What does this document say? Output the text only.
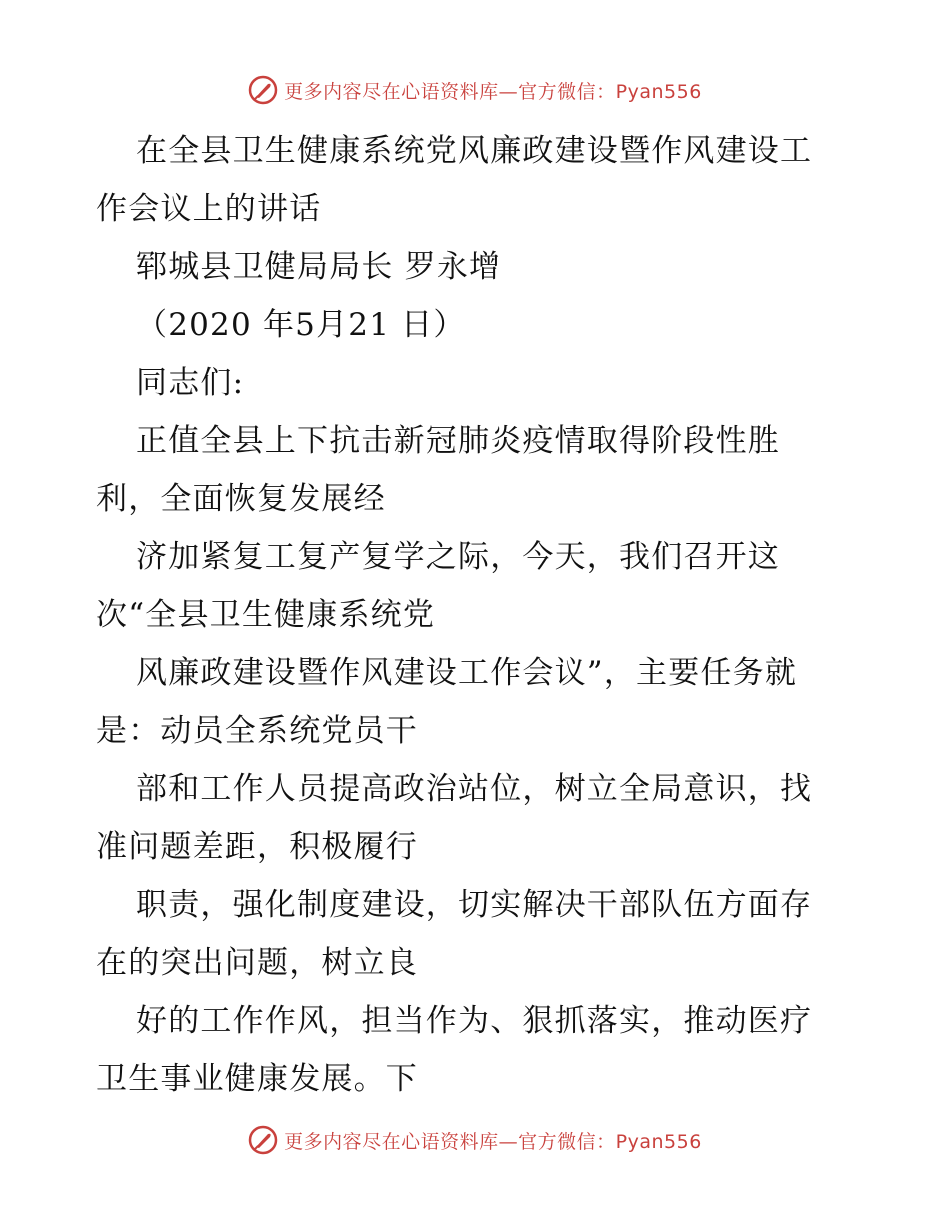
更多内容尽在心语资料库—官方微信：Pyan556
在全县卫生健康系统党风廉政建设暨作风建设工
作会议上的讲话
郓城县卫健局局长 罗永增
（2020 年5月21 日）
同志们:
正值全县上下抗击新冠肺炎疫情取得阶段性胜
利，全面恢复发展经
济加紧复工复产复学之际，今天，我们召开这
次“全县卫生健康系统党
风廉政建设暨作风建设工作会议”，主要任务就
是：动员全系统党员干
部和工作人员提高政治站位，树立全局意识，找
准问题差距，积极履行
职责，强化制度建设，切实解决干部队伍方面存
在的突出问题，树立良
好的工作作风，担当作为、狠抓落实，推动医疗
卫生事业健康发展。下
更多内容尽在心语资料库—官方微信：Pyan556
